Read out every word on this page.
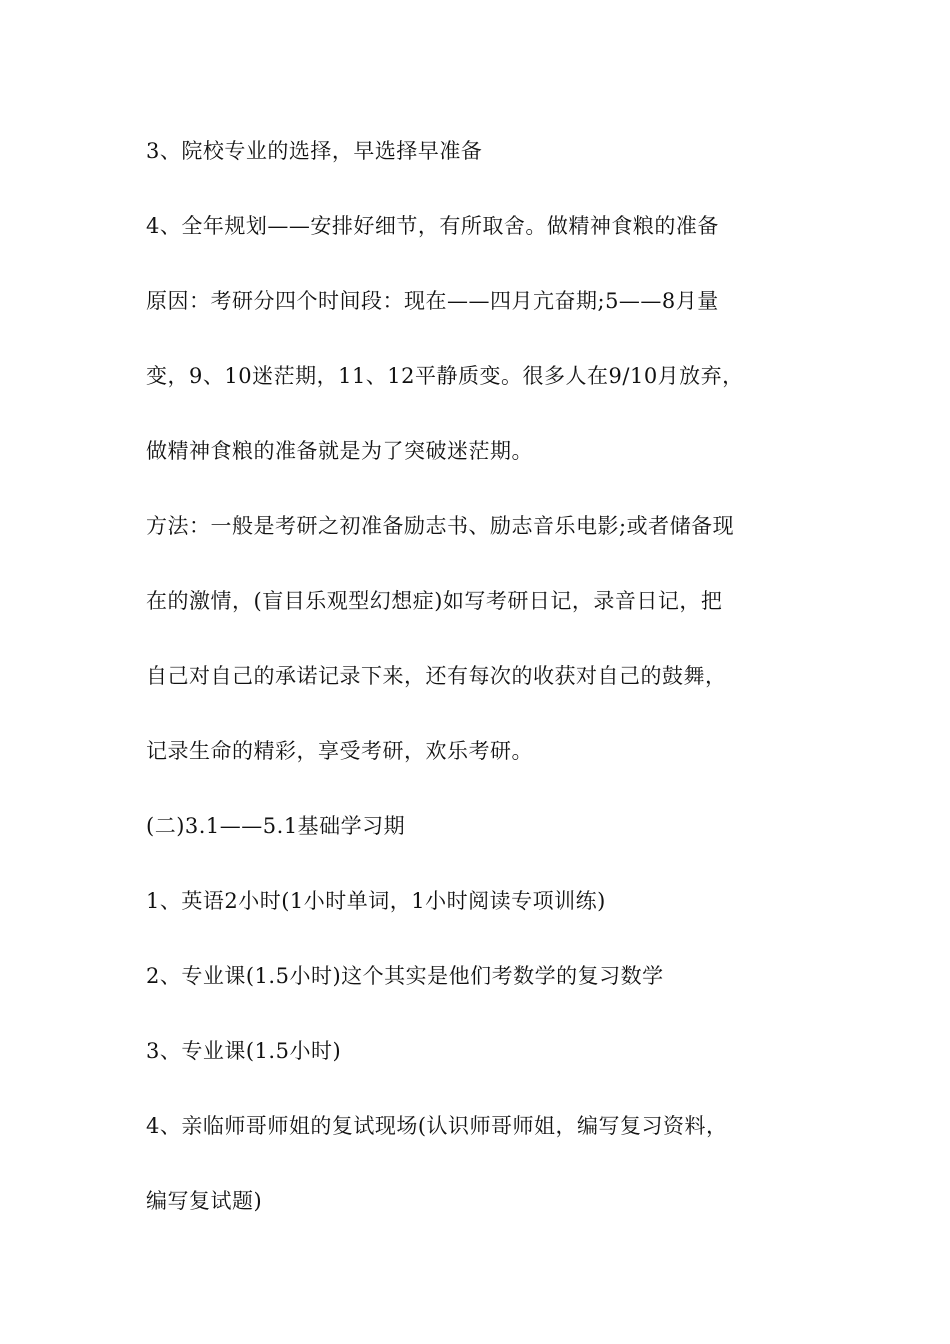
3、院校专业的选择，早选择早准备
4、全年规划——安排好细节，有所取舍。做精神食粮的准备
原因：考研分四个时间段：现在——四月亢奋期;5——8月量
变，9、10迷茫期，11、12平静质变。很多人在9/10月放弃，
做精神食粮的准备就是为了突破迷茫期。
方法：一般是考研之初准备励志书、励志音乐电影;或者储备现
在的激情，(盲目乐观型幻想症)如写考研日记，录音日记，把
自己对自己的承诺记录下来，还有每次的收获对自己的鼓舞，
记录生命的精彩，享受考研，欢乐考研。
(二)3.1——5.1基础学习期
1、英语2小时(1小时单词，1小时阅读专项训练)
2、专业课(1.5小时)这个其实是他们考数学的复习数学
3、专业课(1.5小时)
4、亲临师哥师姐的复试现场(认识师哥师姐，编写复习资料，
编写复试题)
